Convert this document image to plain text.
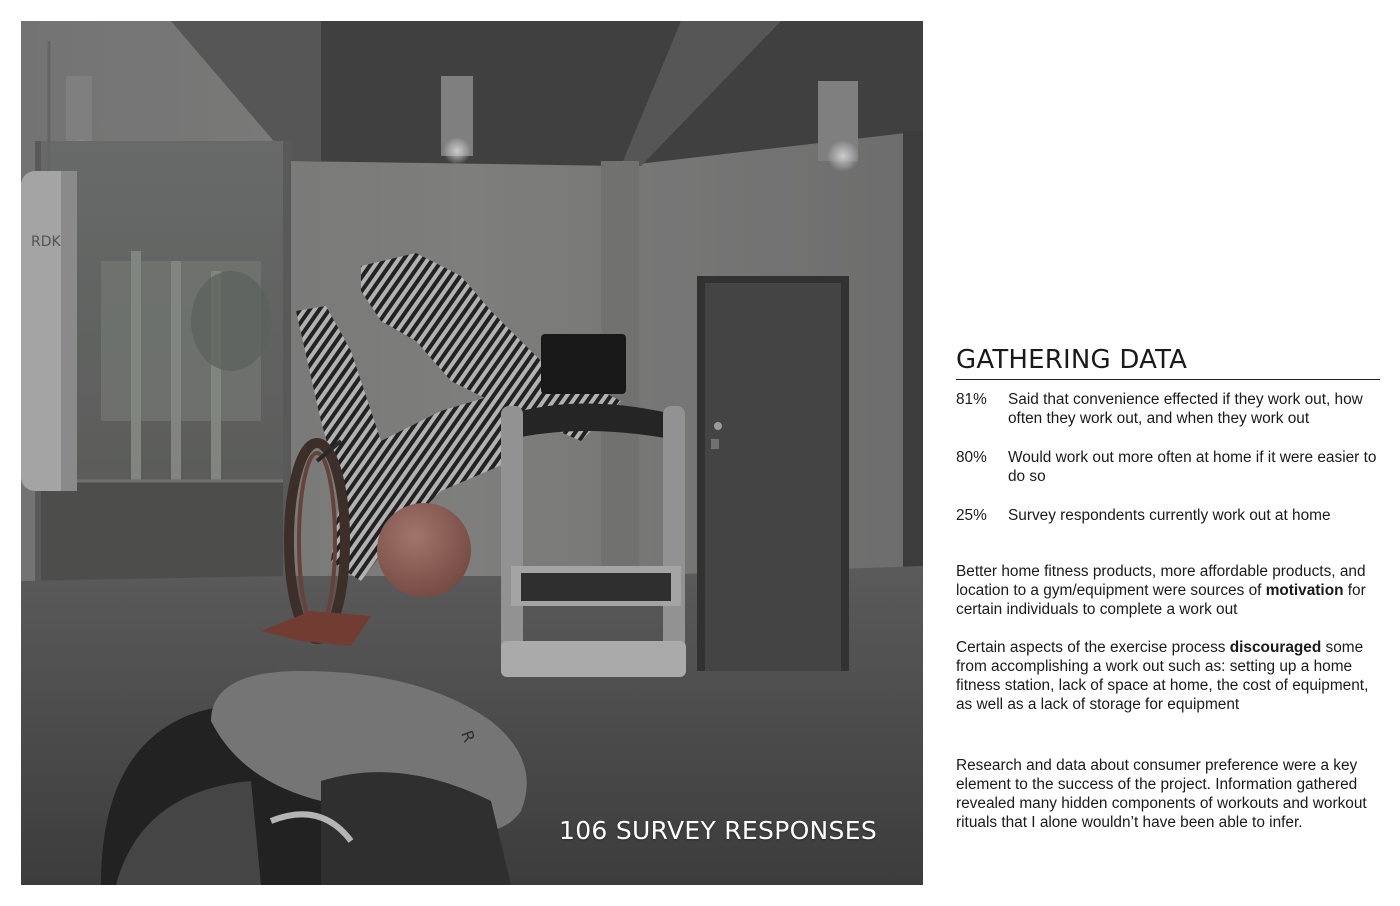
RDK
R
106 SURVEY RESPONSES
GATHERING DATA
81%	Said that convenience effected if they work out, how often they work out, and when they work out
80%	Would work out more often at home if it were easier to do so
25%	Survey respondents currently work out at home

Better home fitness products, more affordable products, and location to a gym/equipment were sources of motivation for certain individuals to complete a work out

Certain aspects of the exercise process discouraged some from accomplishing a work out such as: setting up a home fitness station, lack of space at home, the cost of equipment, as well as a lack of storage for equipment

Research and data about consumer preference were a key element to the success of the project. Information gathered revealed many hidden components of workouts and workout rituals that I alone wouldn’t have been able to infer.
